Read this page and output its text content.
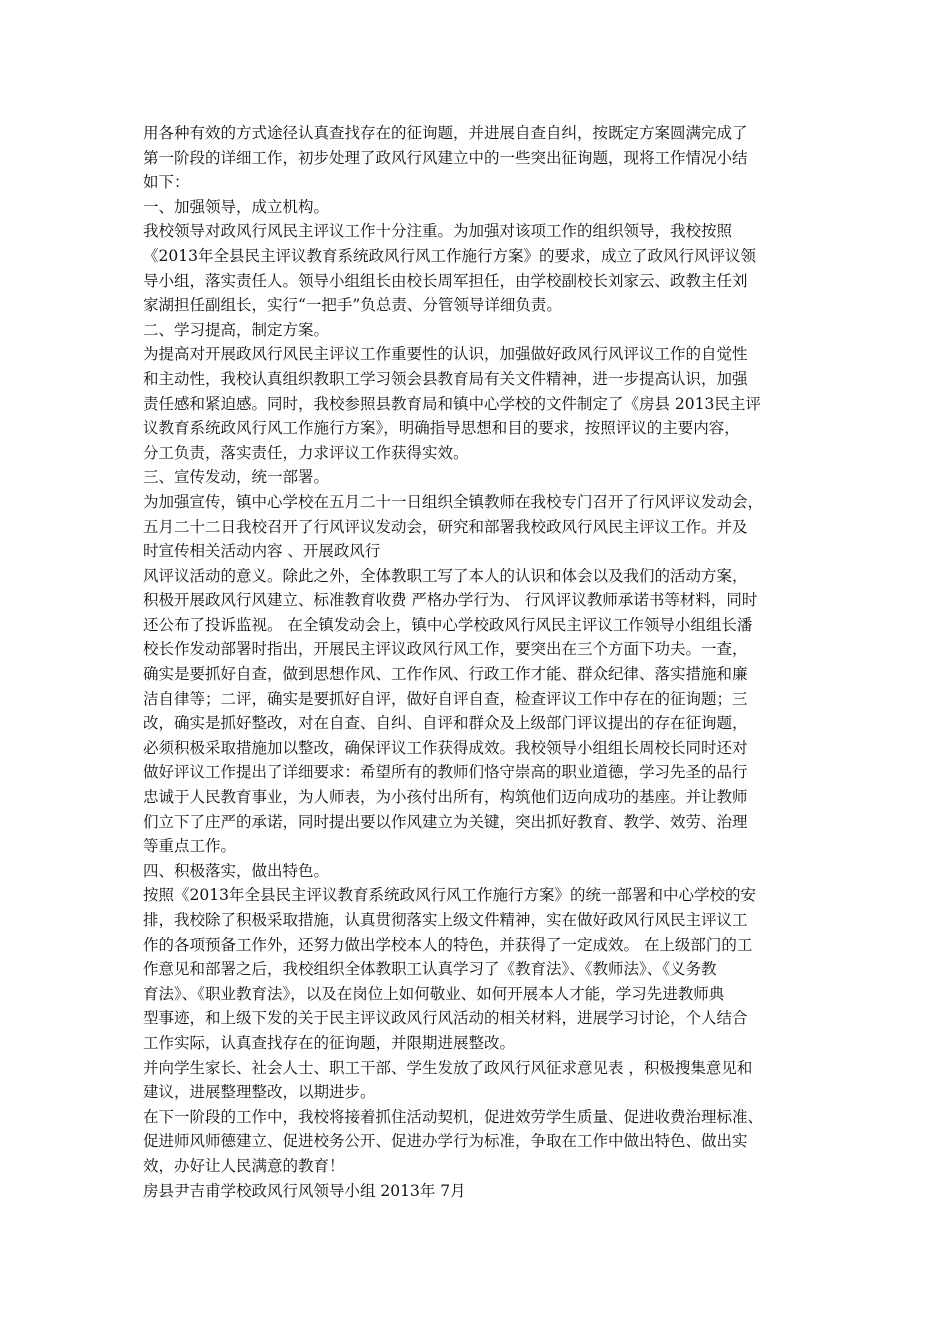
用各种有效的方式途径认真查找存在的征询题，并进展自查自纠，按既定方案圆满完成了
第一阶段的详细工作，初步处理了政风行风建立中的一些突出征询题，现将工作情况小结
如下：
一、加强领导，成立机构。
我校领导对政风行风民主评议工作十分注重。为加强对该项工作的组织领导，我校按照
《2013年全县民主评议教育系统政风行风工作施行方案》的要求，成立了政风行风评议领
导小组，落实责任人。领导小组组长由校长周军担任，由学校副校长刘家云、政教主任刘
家湖担任副组长，实行“一把手”负总责、分管领导详细负责。
二、学习提高，制定方案。
为提高对开展政风行风民主评议工作重要性的认识，加强做好政风行风评议工作的自觉性
和主动性，我校认真组织教职工学习领会县教育局有关文件精神，进一步提高认识，加强
责任感和紧迫感。同时，我校参照县教育局和镇中心学校的文件制定了《房县 2013民主评
议教育系统政风行风工作施行方案》，明确指导思想和目的要求，按照评议的主要内容，
分工负责，落实责任，力求评议工作获得实效。
三、宣传发动，统一部署。
为加强宣传，镇中心学校在五月二十一日组织全镇教师在我校专门召开了行风评议发动会，
五月二十二日我校召开了行风评议发动会，研究和部署我校政风行风民主评议工作。并及
时宣传相关活动内容 、开展政风行
风评议活动的意义。除此之外，全体教职工写了本人的认识和体会以及我们的活动方案，
积极开展政风行风建立、标准教育收费 严格办学行为、 行风评议教师承诺书等材料，同时
还公布了投诉监视。 在全镇发动会上，镇中心学校政风行风民主评议工作领导小组组长潘
校长作发动部署时指出，开展民主评议政风行风工作，要突出在三个方面下功夫。一查，
确实是要抓好自查，做到思想作风、工作作风、行政工作才能、群众纪律、落实措施和廉
洁自律等；二评，确实是要抓好自评，做好自评自查，检查评议工作中存在的征询题；三
改，确实是抓好整改，对在自查、自纠、自评和群众及上级部门评议提出的存在征询题，
必须积极采取措施加以整改，确保评议工作获得成效。我校领导小组组长周校长同时还对
做好评议工作提出了详细要求：希望所有的教师们恪守崇高的职业道德，学习先圣的品行
忠诚于人民教育事业，为人师表，为小孩付出所有，构筑他们迈向成功的基座。并让教师
们立下了庄严的承诺，同时提出要以作风建立为关键，突出抓好教育、教学、效劳、治理
等重点工作。
四、积极落实，做出特色。
按照《2013年全县民主评议教育系统政风行风工作施行方案》的统一部署和中心学校的安
排，我校除了积极采取措施，认真贯彻落实上级文件精神，实在做好政风行风民主评议工
作的各项预备工作外，还努力做出学校本人的特色，并获得了一定成效。 在上级部门的工
作意见和部署之后，我校组织全体教职工认真学习了《教育法》、《教师法》、《义务教
育法》、《职业教育法》，以及在岗位上如何敬业、如何开展本人才能，学习先进教师典
型事迹，和上级下发的关于民主评议政风行风活动的相关材料，进展学习讨论，个人结合
工作实际，认真查找存在的征询题，并限期进展整改。
并向学生家长、社会人士、职工干部、学生发放了政风行风征求意见表 ，积极搜集意见和
建议，进展整理整改，以期进步。
在下一阶段的工作中，我校将接着抓住活动契机，促进效劳学生质量、促进收费治理标准、
促进师风师德建立、促进校务公开、促进办学行为标准，争取在工作中做出特色、做出实
效，办好让人民满意的教育！
房县尹吉甫学校政风行风领导小组 2013年 7月
